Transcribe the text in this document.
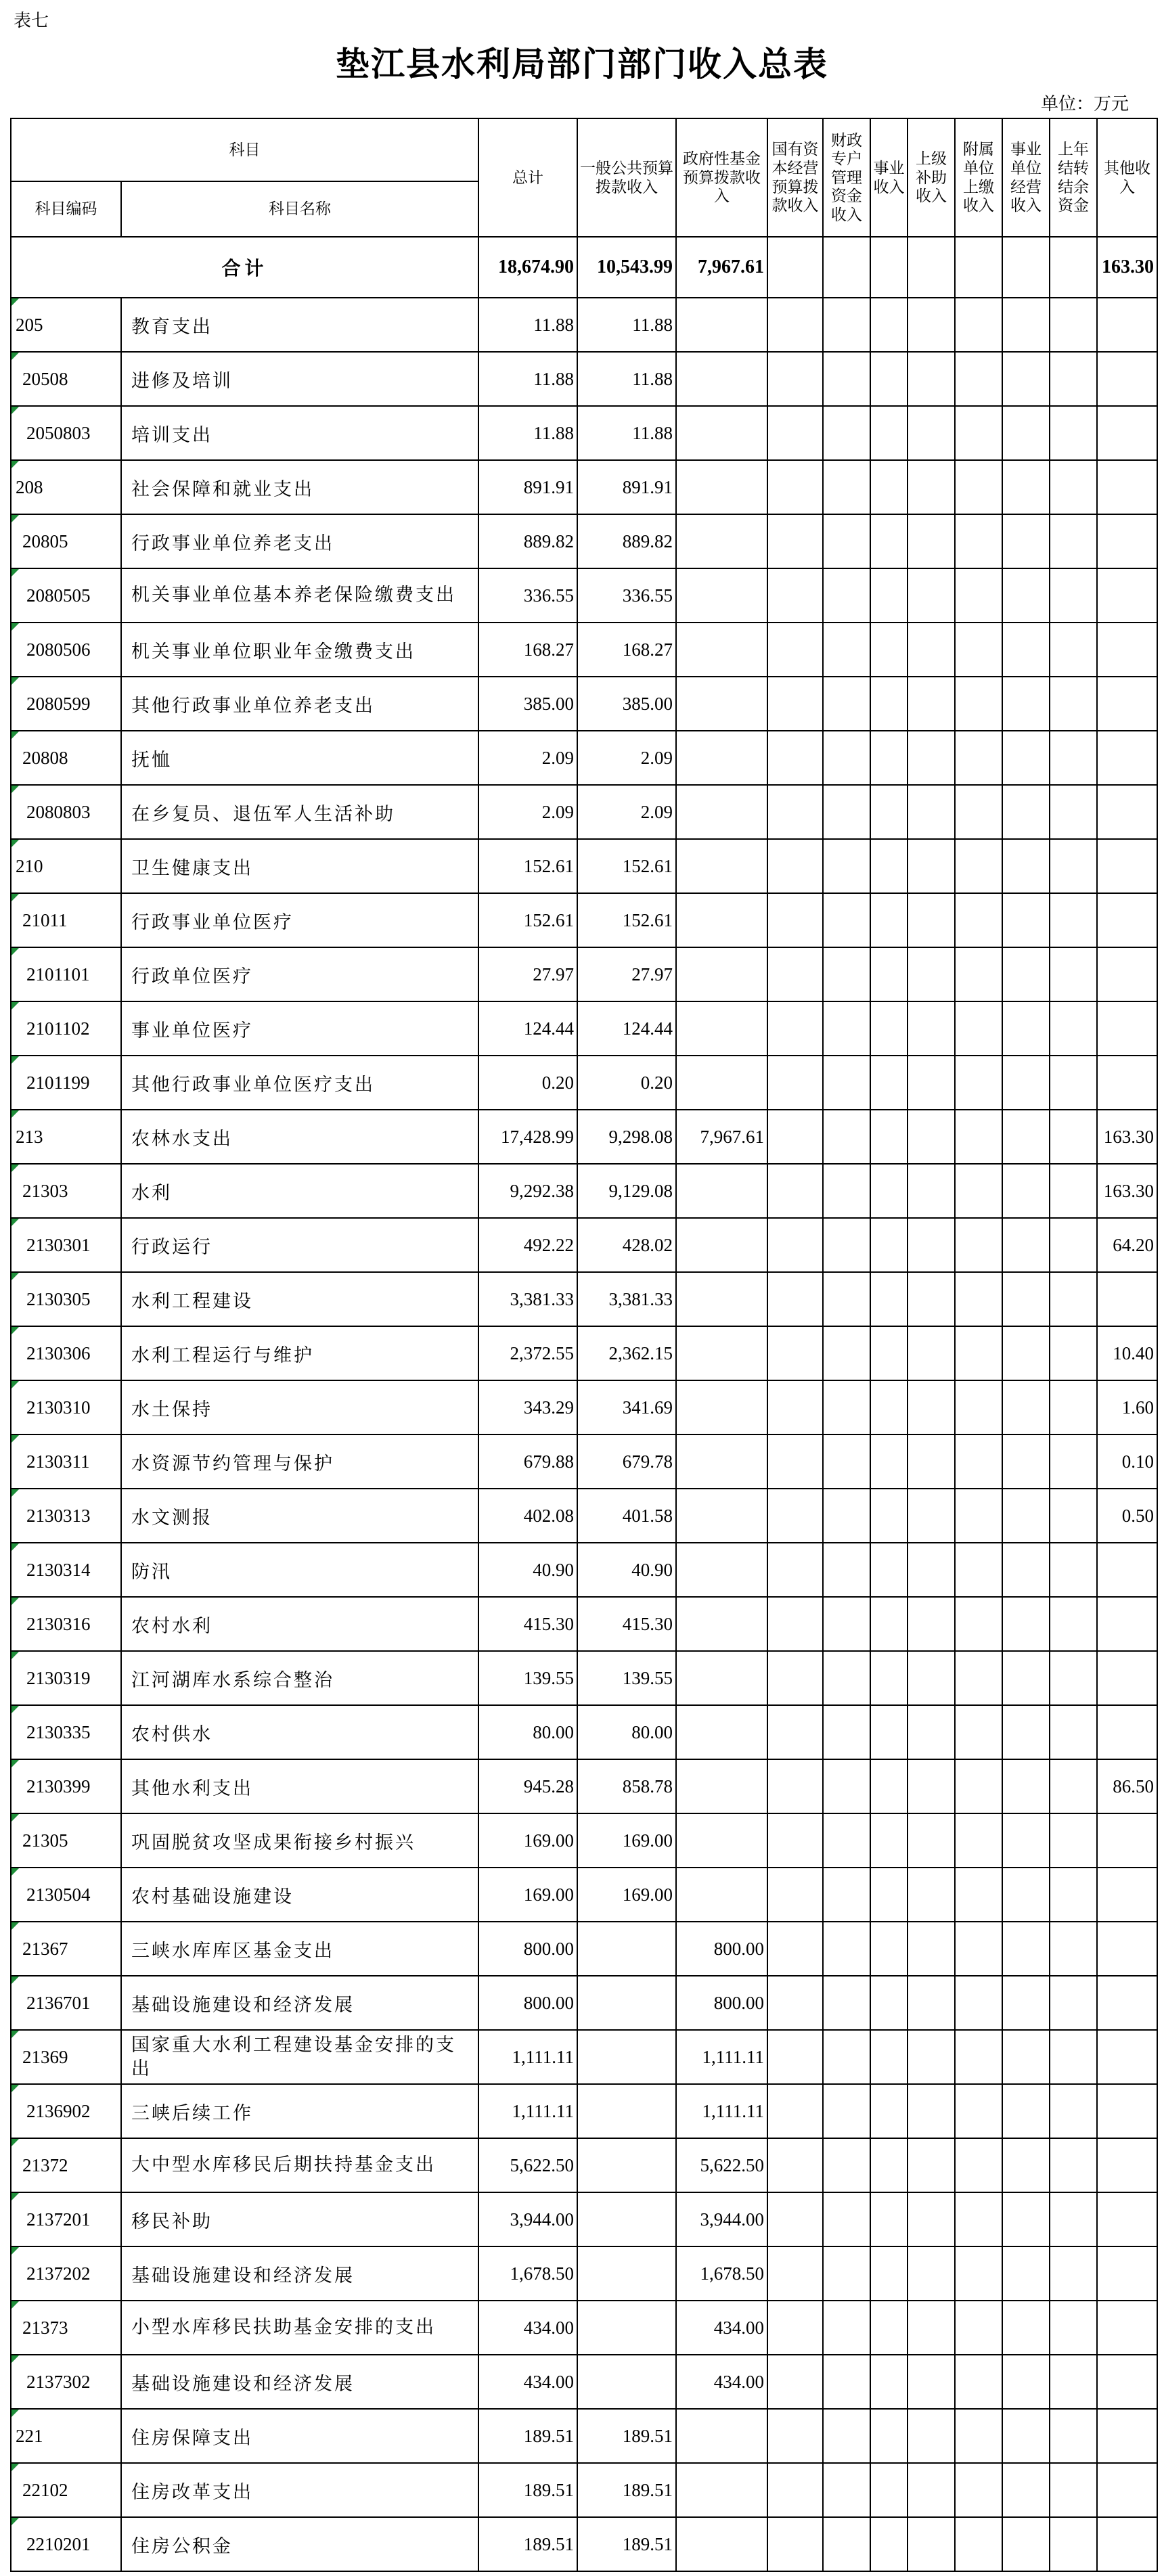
表七
垫江县水利局部门部门收入总表
单位：万元
科目		总计	一般公共预算拨款收入	政府性基金预算拨款收入	国有资本经营预算拨款收入	财政专户管理资金收入	事业收入	上级补助收入	附属单位上缴收入	事业单位经营收入	上年结转结余资金	其他收入
科目编码	科目名称											
合计		18,674.90	10,543.99	7,967.61								163.30
205	教育支出	11.88	11.88									
20508	进修及培训	11.88	11.88									
2050803	培训支出	11.88	11.88									
208	社会保障和就业支出	891.91	891.91									
20805	行政事业单位养老支出	889.82	889.82									
2080505	机关事业单位基本养老保险缴费支出	336.55	336.55									
2080506	机关事业单位职业年金缴费支出	168.27	168.27									
2080599	其他行政事业单位养老支出	385.00	385.00									
20808	抚恤	2.09	2.09									
2080803	在乡复员、退伍军人生活补助	2.09	2.09									
210	卫生健康支出	152.61	152.61									
21011	行政事业单位医疗	152.61	152.61									
2101101	行政单位医疗	27.97	27.97									
2101102	事业单位医疗	124.44	124.44									
2101199	其他行政事业单位医疗支出	0.20	0.20									
213	农林水支出	17,428.99	9,298.08	7,967.61								163.30
21303	水利	9,292.38	9,129.08									163.30
2130301	行政运行	492.22	428.02									64.20
2130305	水利工程建设	3,381.33	3,381.33									
2130306	水利工程运行与维护	2,372.55	2,362.15									10.40
2130310	水土保持	343.29	341.69									1.60
2130311	水资源节约管理与保护	679.88	679.78									0.10
2130313	水文测报	402.08	401.58									0.50
2130314	防汛	40.90	40.90									
2130316	农村水利	415.30	415.30									
2130319	江河湖库水系综合整治	139.55	139.55									
2130335	农村供水	80.00	80.00									
2130399	其他水利支出	945.28	858.78									86.50
21305	巩固脱贫攻坚成果衔接乡村振兴	169.00	169.00									
2130504	农村基础设施建设	169.00	169.00									
21367	三峡水库库区基金支出	800.00		800.00								
2136701	基础设施建设和经济发展	800.00		800.00								
21369	国家重大水利工程建设基金安排的支出	1,111.11		1,111.11								
2136902	三峡后续工作	1,111.11		1,111.11								
21372	大中型水库移民后期扶持基金支出	5,622.50		5,622.50								
2137201	移民补助	3,944.00		3,944.00								
2137202	基础设施建设和经济发展	1,678.50		1,678.50								
21373	小型水库移民扶助基金安排的支出	434.00		434.00								
2137302	基础设施建设和经济发展	434.00		434.00								
221	住房保障支出	189.51	189.51									
22102	住房改革支出	189.51	189.51									
2210201	住房公积金	189.51	189.51									
